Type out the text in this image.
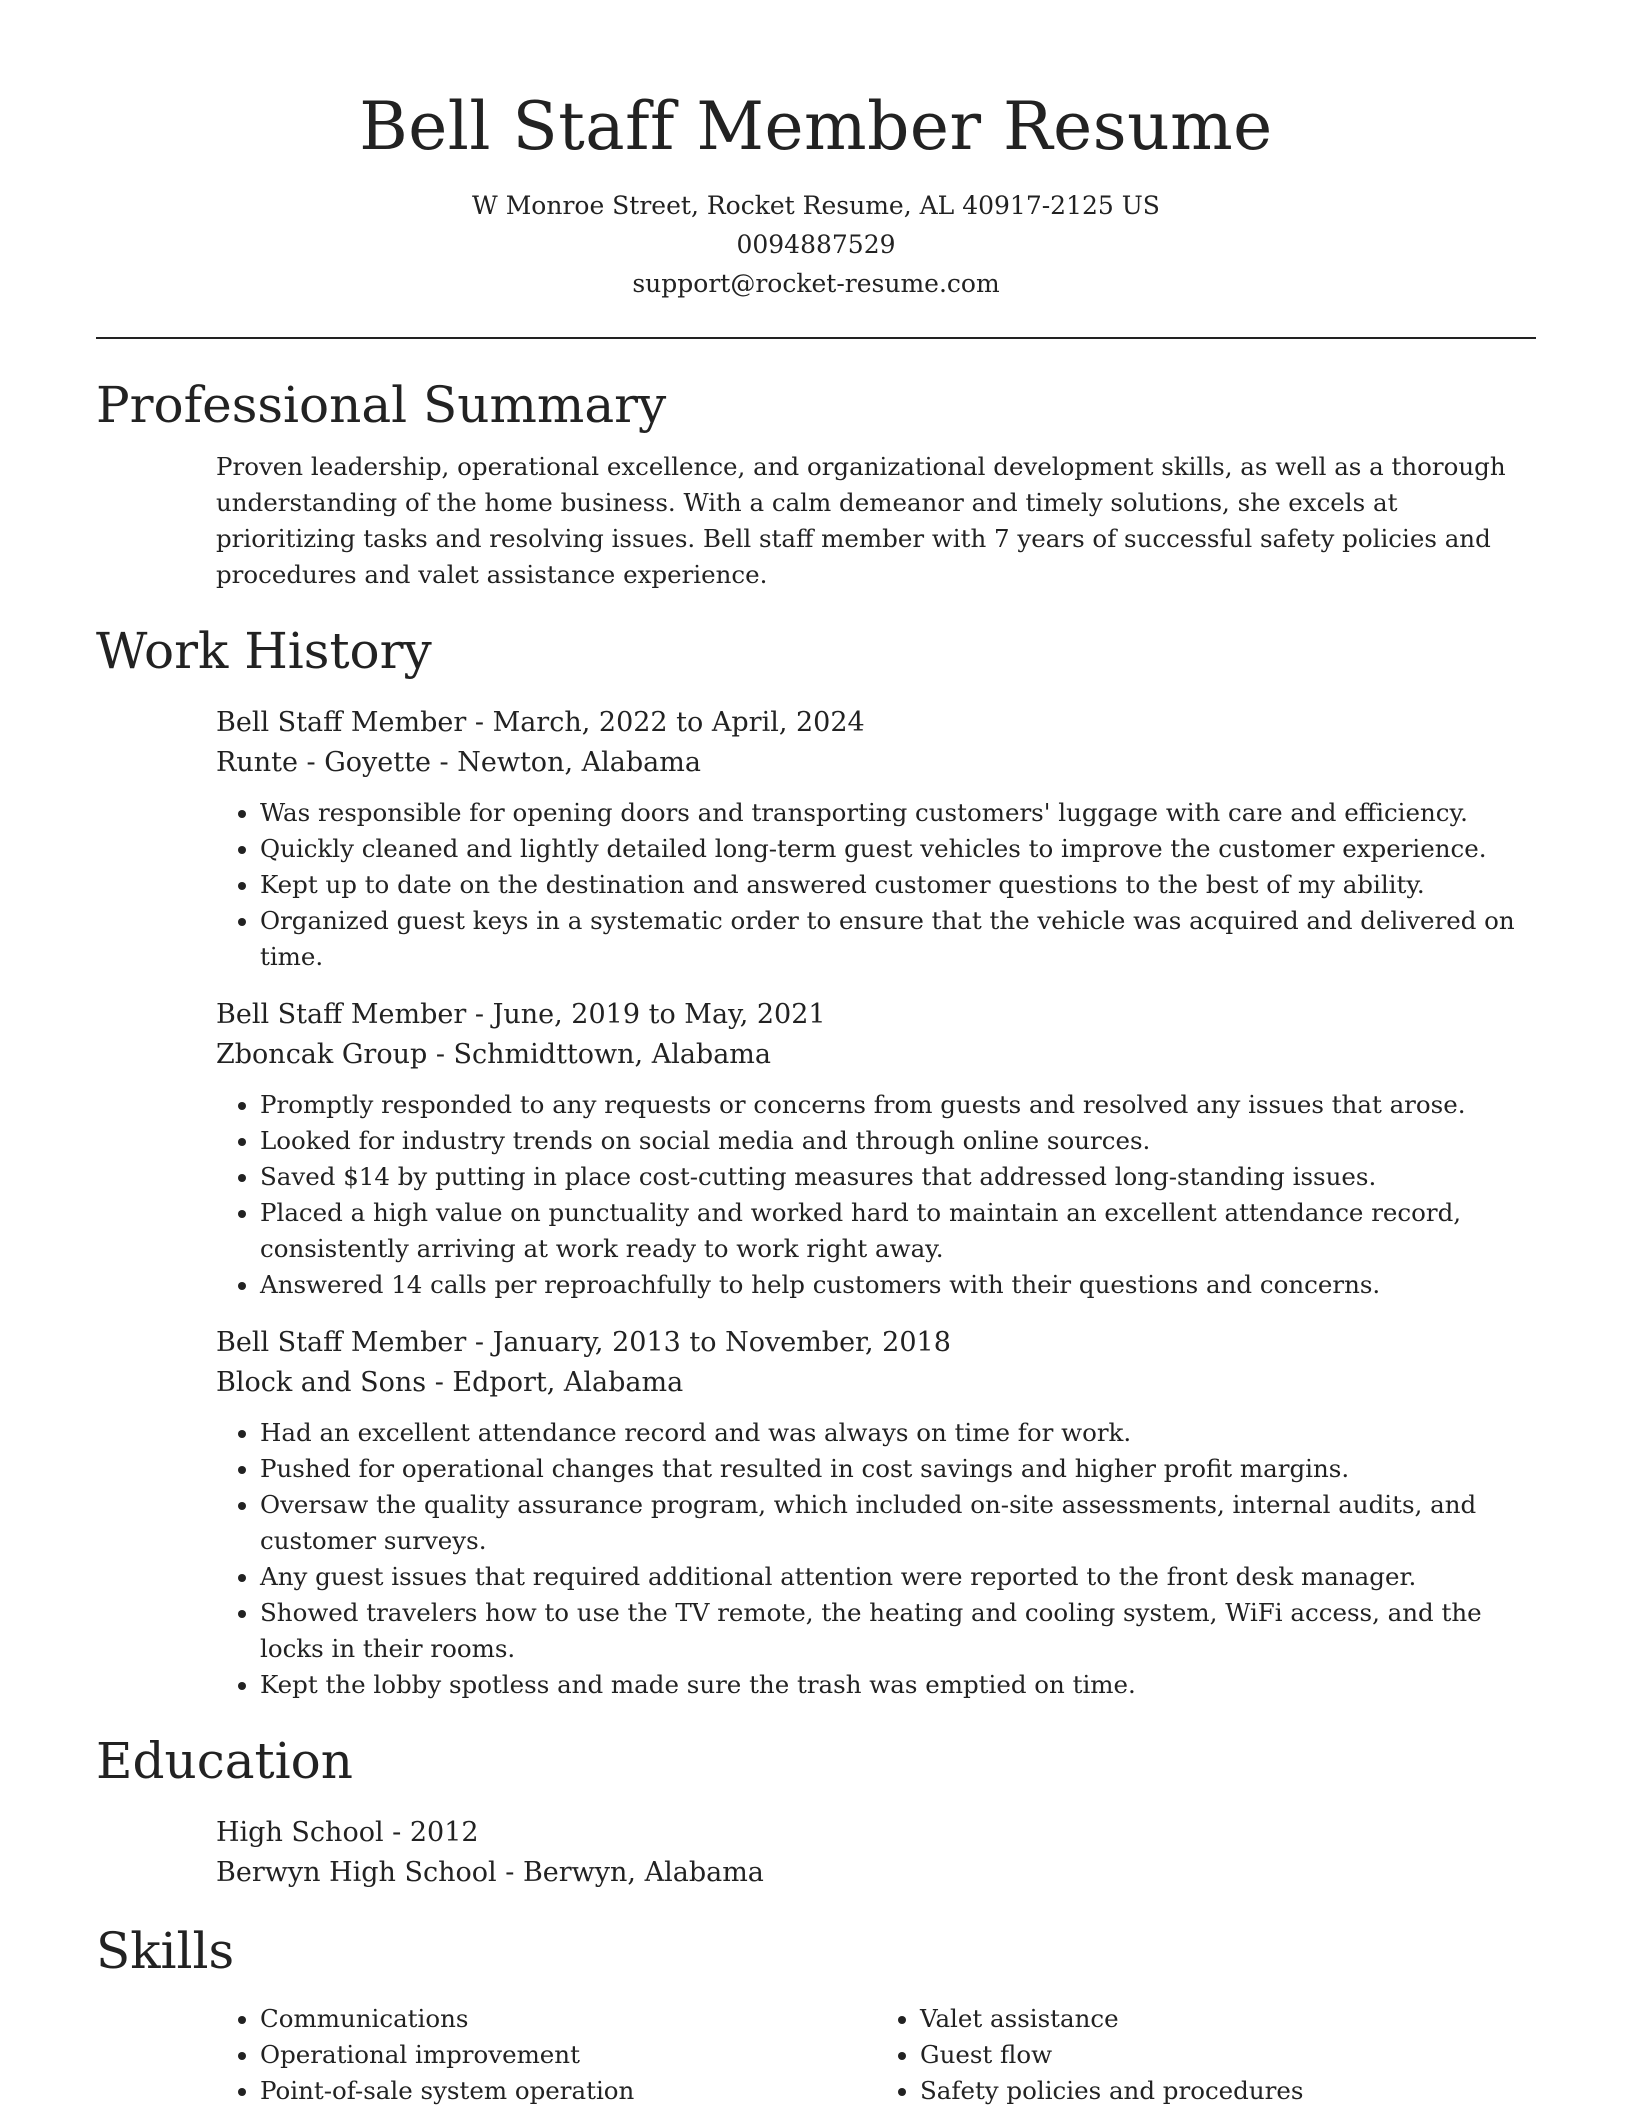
Bell Staff Member Resume
W Monroe Street, Rocket Resume, AL 40917-2125 US
0094887529
support@rocket-resume.com
Professional Summary

Proven leadership, operational excellence, and organizational development skills, as well as a thorough understanding of the home business. With a calm demeanor and timely solutions, she excels at prioritizing tasks and resolving issues. Bell staff member with 7 years of successful safety policies and procedures and valet assistance experience.

Work History
Bell Staff Member - March, 2022 to April, 2024
Runte - Goyette - Newton, Alabama
• Was responsible for opening doors and transporting customers' luggage with care and efficiency.
• Quickly cleaned and lightly detailed long-term guest vehicles to improve the customer experience.
• Kept up to date on the destination and answered customer questions to the best of my ability.
• Organized guest keys in a systematic order to ensure that the vehicle was acquired and delivered on time.
Bell Staff Member - June, 2019 to May, 2021
Zboncak Group - Schmidttown, Alabama
• Promptly responded to any requests or concerns from guests and resolved any issues that arose.
• Looked for industry trends on social media and through online sources.
• Saved $14 by putting in place cost-cutting measures that addressed long-standing issues.
• Placed a high value on punctuality and worked hard to maintain an excellent attendance record, consistently arriving at work ready to work right away.
• Answered 14 calls per reproachfully to help customers with their questions and concerns.
Bell Staff Member - January, 2013 to November, 2018
Block and Sons - Edport, Alabama
• Had an excellent attendance record and was always on time for work.
• Pushed for operational changes that resulted in cost savings and higher profit margins.
• Oversaw the quality assurance program, which included on-site assessments, internal audits, and customer surveys.
• Any guest issues that required additional attention were reported to the front desk manager.
• Showed travelers how to use the TV remote, the heating and cooling system, WiFi access, and the locks in their rooms.
• Kept the lobby spotless and made sure the trash was emptied on time.
Education
High School - 2012
Berwyn High School - Berwyn, Alabama
Skills
• Communications
• Operational improvement
• Point-of-sale system operation
• Valet assistance
• Guest flow
• Safety policies and procedures
